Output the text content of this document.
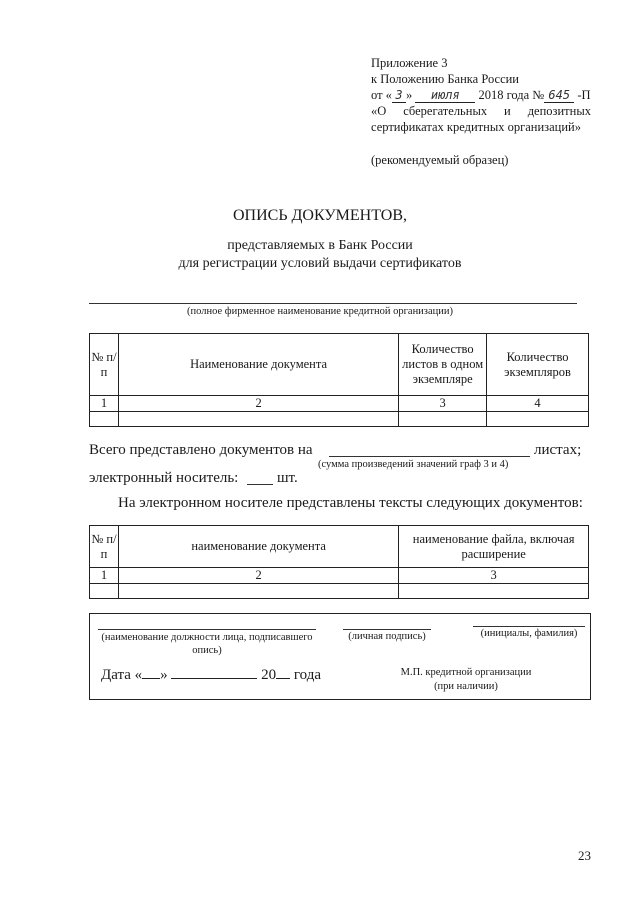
Приложение 3
к Положению Банка России
от « 3 » июля 2018 года № 645 -П
«О сберегательных и депозитных
сертификатах кредитных организаций»
(рекомендуемый образец)
ОПИСЬ ДОКУМЕНТОВ,
представляемых в Банк России
для регистрации условий выдачи сертификатов
(полное фирменное наименование кредитной организации)
№ п/п	Наименование документа	Количество листов в одном экземпляре	Количество экземпляров
1	2	3	4

Всего представлено документов на	листах;
(сумма произведений значений граф 3 и 4)
электронный носитель:	шт.
На электронном носителе представлены тексты следующих документов:
№ п/п	наименование документа	наименование файла, включая расширение
1	2	3

(наименование должности лица, подписавшего опись)
(личная подпись)	(инициалы, фамилия)
Дата « »	20 года	М.П. кредитной организации
(при наличии)
23
